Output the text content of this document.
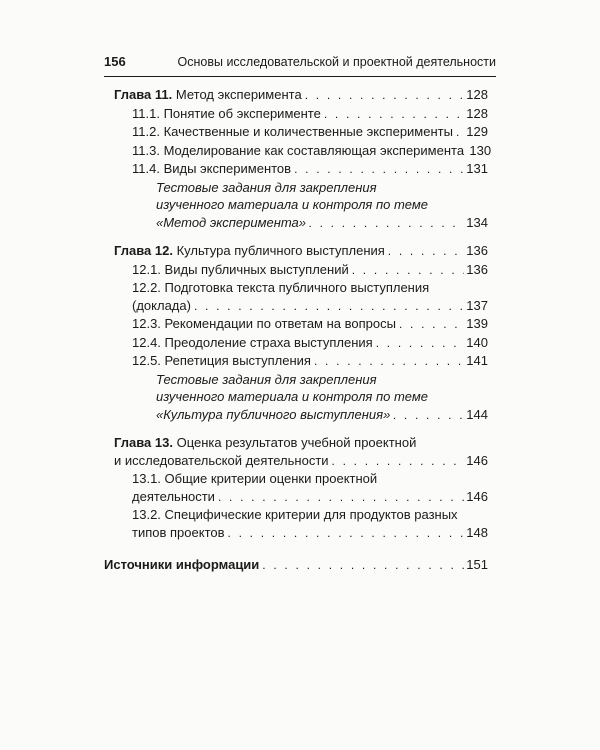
156	Основы исследовательской и проектной деятельности
Глава 11. Метод эксперимента . . .	128
11.1. Понятие об эксперименте . . .	128
11.2. Качественные и количественные эксперименты . . . 129
11.3. Моделирование как составляющая эксперимента 130
11.4. Виды экспериментов . . .	131
Тестовые задания для закрепления
изученного материала и контроля по теме
«Метод эксперимента» . . .	134
Глава 12. Культура публичного выступления . . .	136
12.1. Виды публичных выступлений . . .	136
12.2. Подготовка текста публичного выступления
(доклада) . . .	137
12.3. Рекомендации по ответам на вопросы . . .	139
12.4. Преодоление страха выступления . . .	140
12.5. Репетиция выступления . . .	141
Тестовые задания для закрепления
изученного материала и контроля по теме
«Культура публичного выступления» . . .	144
Глава 13. Оценка результатов учебной проектной
и исследовательской деятельности . . .	146
13.1. Общие критерии оценки проектной
деятельности . . .	146
13.2. Специфические критерии для продуктов разных
типов проектов . . .	148
Источники информации . . .	151
